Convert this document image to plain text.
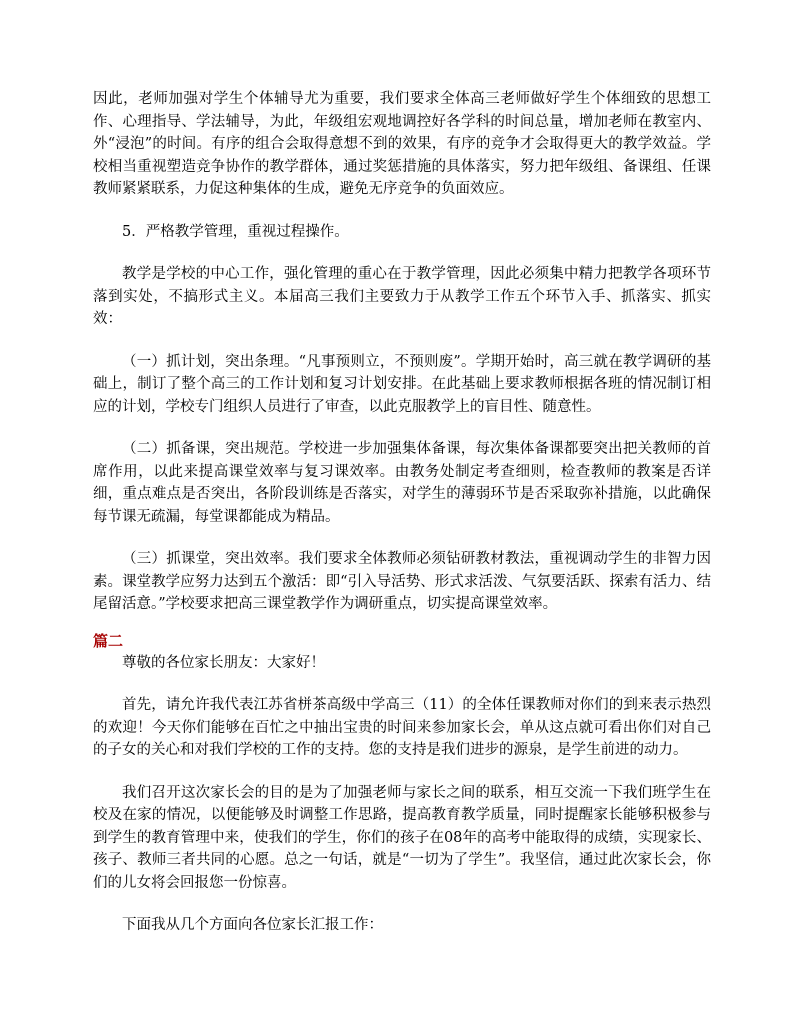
因此，老师加强对学生个体辅导尤为重要，我们要求全体高三老师做好学生个体细致的思想工作、心理指导、学法辅导，为此，年级组宏观地调控好各学科的时间总量，增加老师在教室内、外“浸泡”的时间。有序的组合会取得意想不到的效果，有序的竞争才会取得更大的教学效益。学校相当重视塑造竞争协作的教学群体，通过奖惩措施的具体落实，努力把年级组、备课组、任课教师紧紧联系，力促这种集体的生成，避免无序竞争的负面效应。

5．严格教学管理，重视过程操作。

教学是学校的中心工作，强化管理的重心在于教学管理，因此必须集中精力把教学各项环节落到实处，不搞形式主义。本届高三我们主要致力于从教学工作五个环节入手、抓落实、抓实效：

（一）抓计划，突出条理。“凡事预则立，不预则废”。学期开始时，高三就在教学调研的基础上，制订了整个高三的工作计划和复习计划安排。在此基础上要求教师根据各班的情况制订相应的计划，学校专门组织人员进行了审查，以此克服教学上的盲目性、随意性。

（二）抓备课，突出规范。学校进一步加强集体备课，每次集体备课都要突出把关教师的首席作用，以此来提高课堂效率与复习课效率。由教务处制定考查细则，检查教师的教案是否详细，重点难点是否突出，各阶段训练是否落实，对学生的薄弱环节是否采取弥补措施，以此确保每节课无疏漏，每堂课都能成为精品。

（三）抓课堂，突出效率。我们要求全体教师必须钻研教材教法，重视调动学生的非智力因素。课堂教学应努力达到五个激活：即“引入导活势、形式求活泼、气氛要活跃、探索有活力、结尾留活意。”学校要求把高三课堂教学作为调研重点，切实提高课堂效率。

篇二

尊敬的各位家长朋友：大家好！

首先，请允许我代表江苏省栟茶高级中学高三（11）的全体任课教师对你们的到来表示热烈的欢迎！今天你们能够在百忙之中抽出宝贵的时间来参加家长会，单从这点就可看出你们对自己的子女的关心和对我们学校的工作的支持。您的支持是我们进步的源泉，是学生前进的动力。

我们召开这次家长会的目的是为了加强老师与家长之间的联系，相互交流一下我们班学生在校及在家的情况，以便能够及时调整工作思路，提高教育教学质量，同时提醒家长能够积极参与到学生的教育管理中来，使我们的学生，你们的孩子在08年的高考中能取得的成绩，实现家长、孩子、教师三者共同的心愿。总之一句话，就是“一切为了学生”。我坚信，通过此次家长会，你们的儿女将会回报您一份惊喜。

下面我从几个方面向各位家长汇报工作：
